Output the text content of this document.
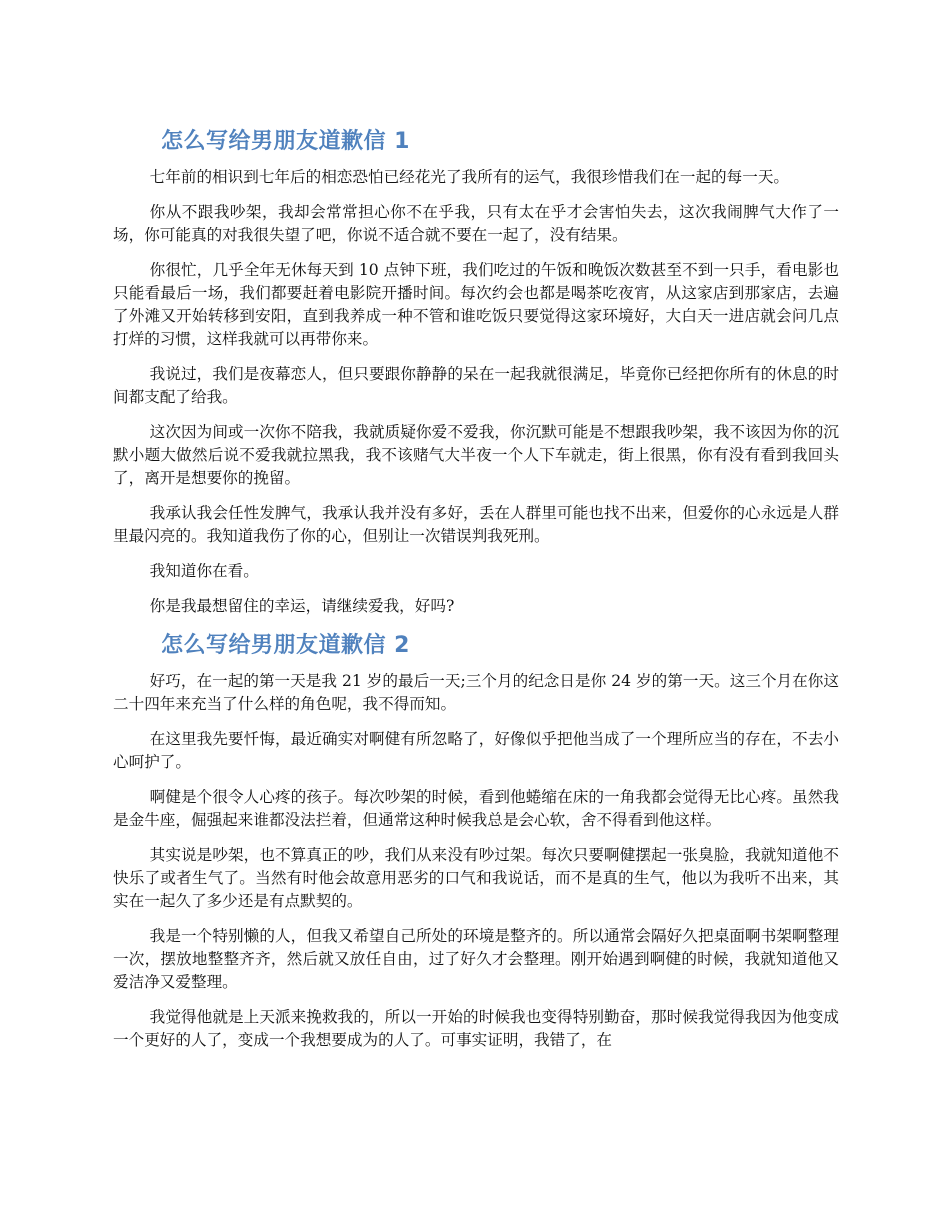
怎么写给男朋友道歉信 1

七年前的相识到七年后的相恋恐怕已经花光了我所有的运气，我很珍惜我们在一起的每一天。

你从不跟我吵架，我却会常常担心你不在乎我，只有太在乎才会害怕失去，这次我闹脾气大作了一场，你可能真的对我很失望了吧，你说不适合就不要在一起了，没有结果。

你很忙，几乎全年无休每天到 10 点钟下班，我们吃过的午饭和晚饭次数甚至不到一只手，看电影也只能看最后一场，我们都要赶着电影院开播时间。每次约会也都是喝茶吃夜宵，从这家店到那家店，去遍了外滩又开始转移到安阳，直到我养成一种不管和谁吃饭只要觉得这家环境好，大白天一进店就会问几点打烊的习惯，这样我就可以再带你来。

我说过，我们是夜幕恋人，但只要跟你静静的呆在一起我就很满足，毕竟你已经把你所有的休息的时间都支配了给我。

这次因为间或一次你不陪我，我就质疑你爱不爱我，你沉默可能是不想跟我吵架，我不该因为你的沉默小题大做然后说不爱我就拉黑我，我不该赌气大半夜一个人下车就走，街上很黑，你有没有看到我回头了，离开是想要你的挽留。

我承认我会任性发脾气，我承认我并没有多好，丢在人群里可能也找不出来，但爱你的心永远是人群里最闪亮的。我知道我伤了你的心，但别让一次错误判我死刑。

我知道你在看。

你是我最想留住的幸运，请继续爱我，好吗?

怎么写给男朋友道歉信 2

好巧，在一起的第一天是我 21 岁的最后一天;三个月的纪念日是你 24 岁的第一天。这三个月在你这二十四年来充当了什么样的角色呢，我不得而知。

在这里我先要忏悔，最近确实对啊健有所忽略了，好像似乎把他当成了一个理所应当的存在，不去小心呵护了。

啊健是个很令人心疼的孩子。每次吵架的时候，看到他蜷缩在床的一角我都会觉得无比心疼。虽然我是金牛座，倔强起来谁都没法拦着，但通常这种时候我总是会心软，舍不得看到他这样。

其实说是吵架，也不算真正的吵，我们从来没有吵过架。每次只要啊健摆起一张臭脸，我就知道他不快乐了或者生气了。当然有时他会故意用恶劣的口气和我说话，而不是真的生气，他以为我听不出来，其实在一起久了多少还是有点默契的。

我是一个特别懒的人，但我又希望自己所处的环境是整齐的。所以通常会隔好久把桌面啊书架啊整理一次，摆放地整整齐齐，然后就又放任自由，过了好久才会整理。刚开始遇到啊健的时候，我就知道他又爱洁净又爱整理。

我觉得他就是上天派来挽救我的，所以一开始的时候我也变得特别勤奋，那时候我觉得我因为他变成一个更好的人了，变成一个我想要成为的人了。可事实证明，我错了，在
